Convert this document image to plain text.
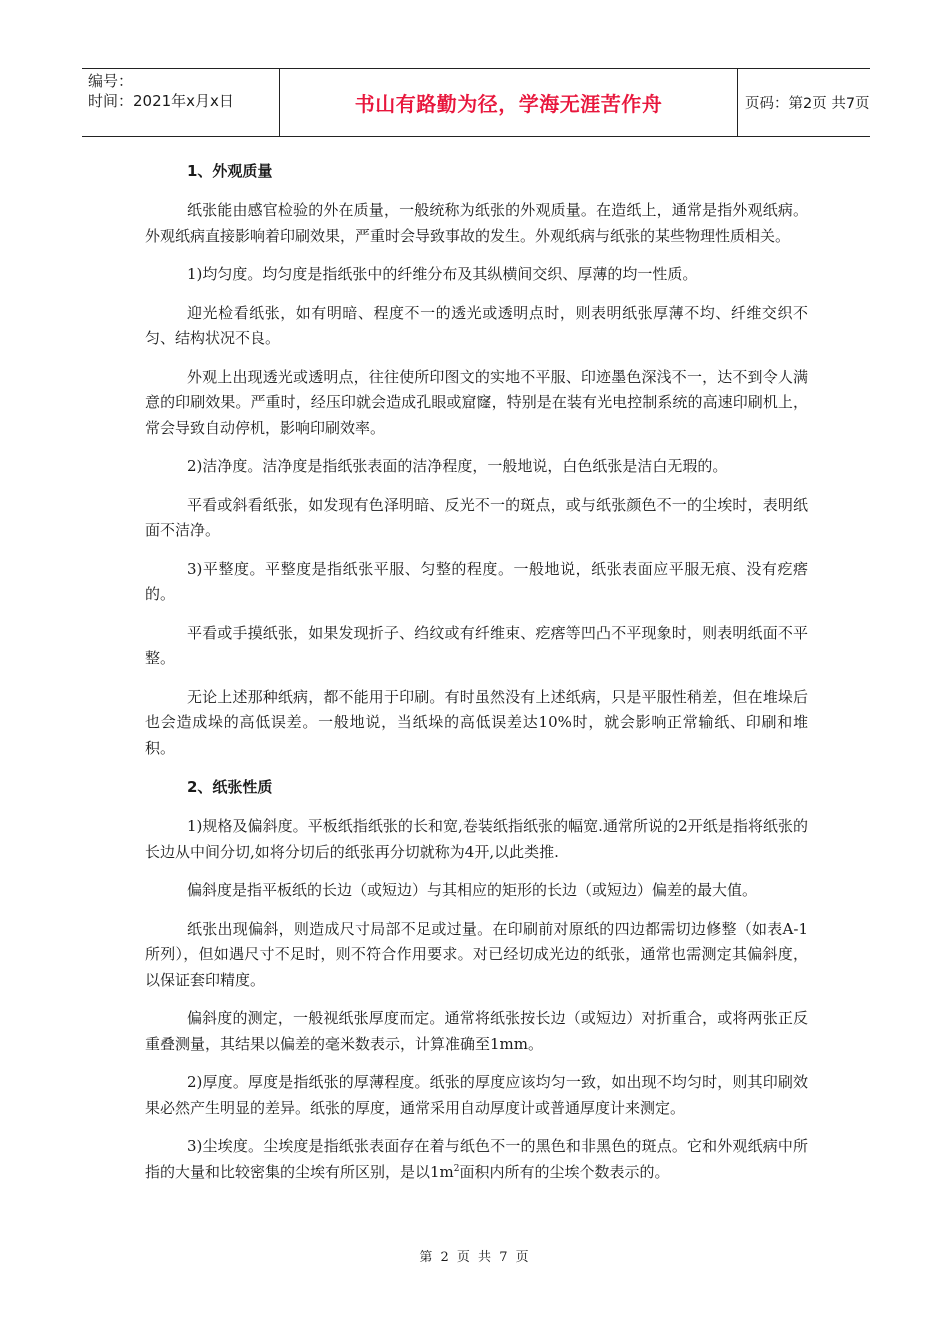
编号：
时间：2021年x月x日	书山有路勤为径，学海无涯苦作舟	页码：第2页 共7页
1、外观质量

纸张能由感官检验的外在质量，一般统称为纸张的外观质量。在造纸上，通常是指外观纸病。外观纸病直接影响着印刷效果，严重时会导致事故的发生。外观纸病与纸张的某些物理性质相关。

1)均匀度。均匀度是指纸张中的纤维分布及其纵横间交织、厚薄的均一性质。

迎光检看纸张，如有明暗、程度不一的透光或透明点时，则表明纸张厚薄不均、纤维交织不匀、结构状况不良。

外观上出现透光或透明点，往往使所印图文的实地不平服、印迹墨色深浅不一，达不到令人满意的印刷效果。严重时，经压印就会造成孔眼或窟窿，特别是在装有光电控制系统的高速印刷机上，常会导致自动停机，影响印刷效率。

2)洁净度。洁净度是指纸张表面的洁净程度，一般地说，白色纸张是洁白无瑕的。

平看或斜看纸张，如发现有色泽明暗、反光不一的斑点，或与纸张颜色不一的尘埃时，表明纸面不洁净。

3)平整度。平整度是指纸张平服、匀整的程度。一般地说，纸张表面应平服无痕、没有疙瘩的。

平看或手摸纸张，如果发现折子、绉纹或有纤维束、疙瘩等凹凸不平现象时，则表明纸面不平整。

无论上述那种纸病，都不能用于印刷。有时虽然没有上述纸病，只是平服性稍差，但在堆垛后也会造成垛的高低误差。一般地说，当纸垛的高低误差达10%时，就会影响正常输纸、印刷和堆积。

2、纸张性质

1)规格及偏斜度。平板纸指纸张的长和宽,卷装纸指纸张的幅宽.通常所说的2开纸是指将纸张的长边从中间分切,如将分切后的纸张再分切就称为4开,以此类推.

偏斜度是指平板纸的长边（或短边）与其相应的矩形的长边（或短边）偏差的最大值。

纸张出现偏斜，则造成尺寸局部不足或过量。在印刷前对原纸的四边都需切边修整（如表A-1所列），但如遇尺寸不足时，则不符合作用要求。对已经切成光边的纸张，通常也需测定其偏斜度，以保证套印精度。

偏斜度的测定，一般视纸张厚度而定。通常将纸张按长边（或短边）对折重合，或将两张正反重叠测量，其结果以偏差的毫米数表示，计算准确至1mm。

2)厚度。厚度是指纸张的厚薄程度。纸张的厚度应该均匀一致，如出现不均匀时，则其印刷效果必然产生明显的差异。纸张的厚度，通常采用自动厚度计或普通厚度计来测定。

3)尘埃度。尘埃度是指纸张表面存在着与纸色不一的黑色和非黑色的斑点。它和外观纸病中所指的大量和比较密集的尘埃有所区别，是以$1m^2$面积内所有的尘埃个数表示的。

第 2 页 共 7 页
